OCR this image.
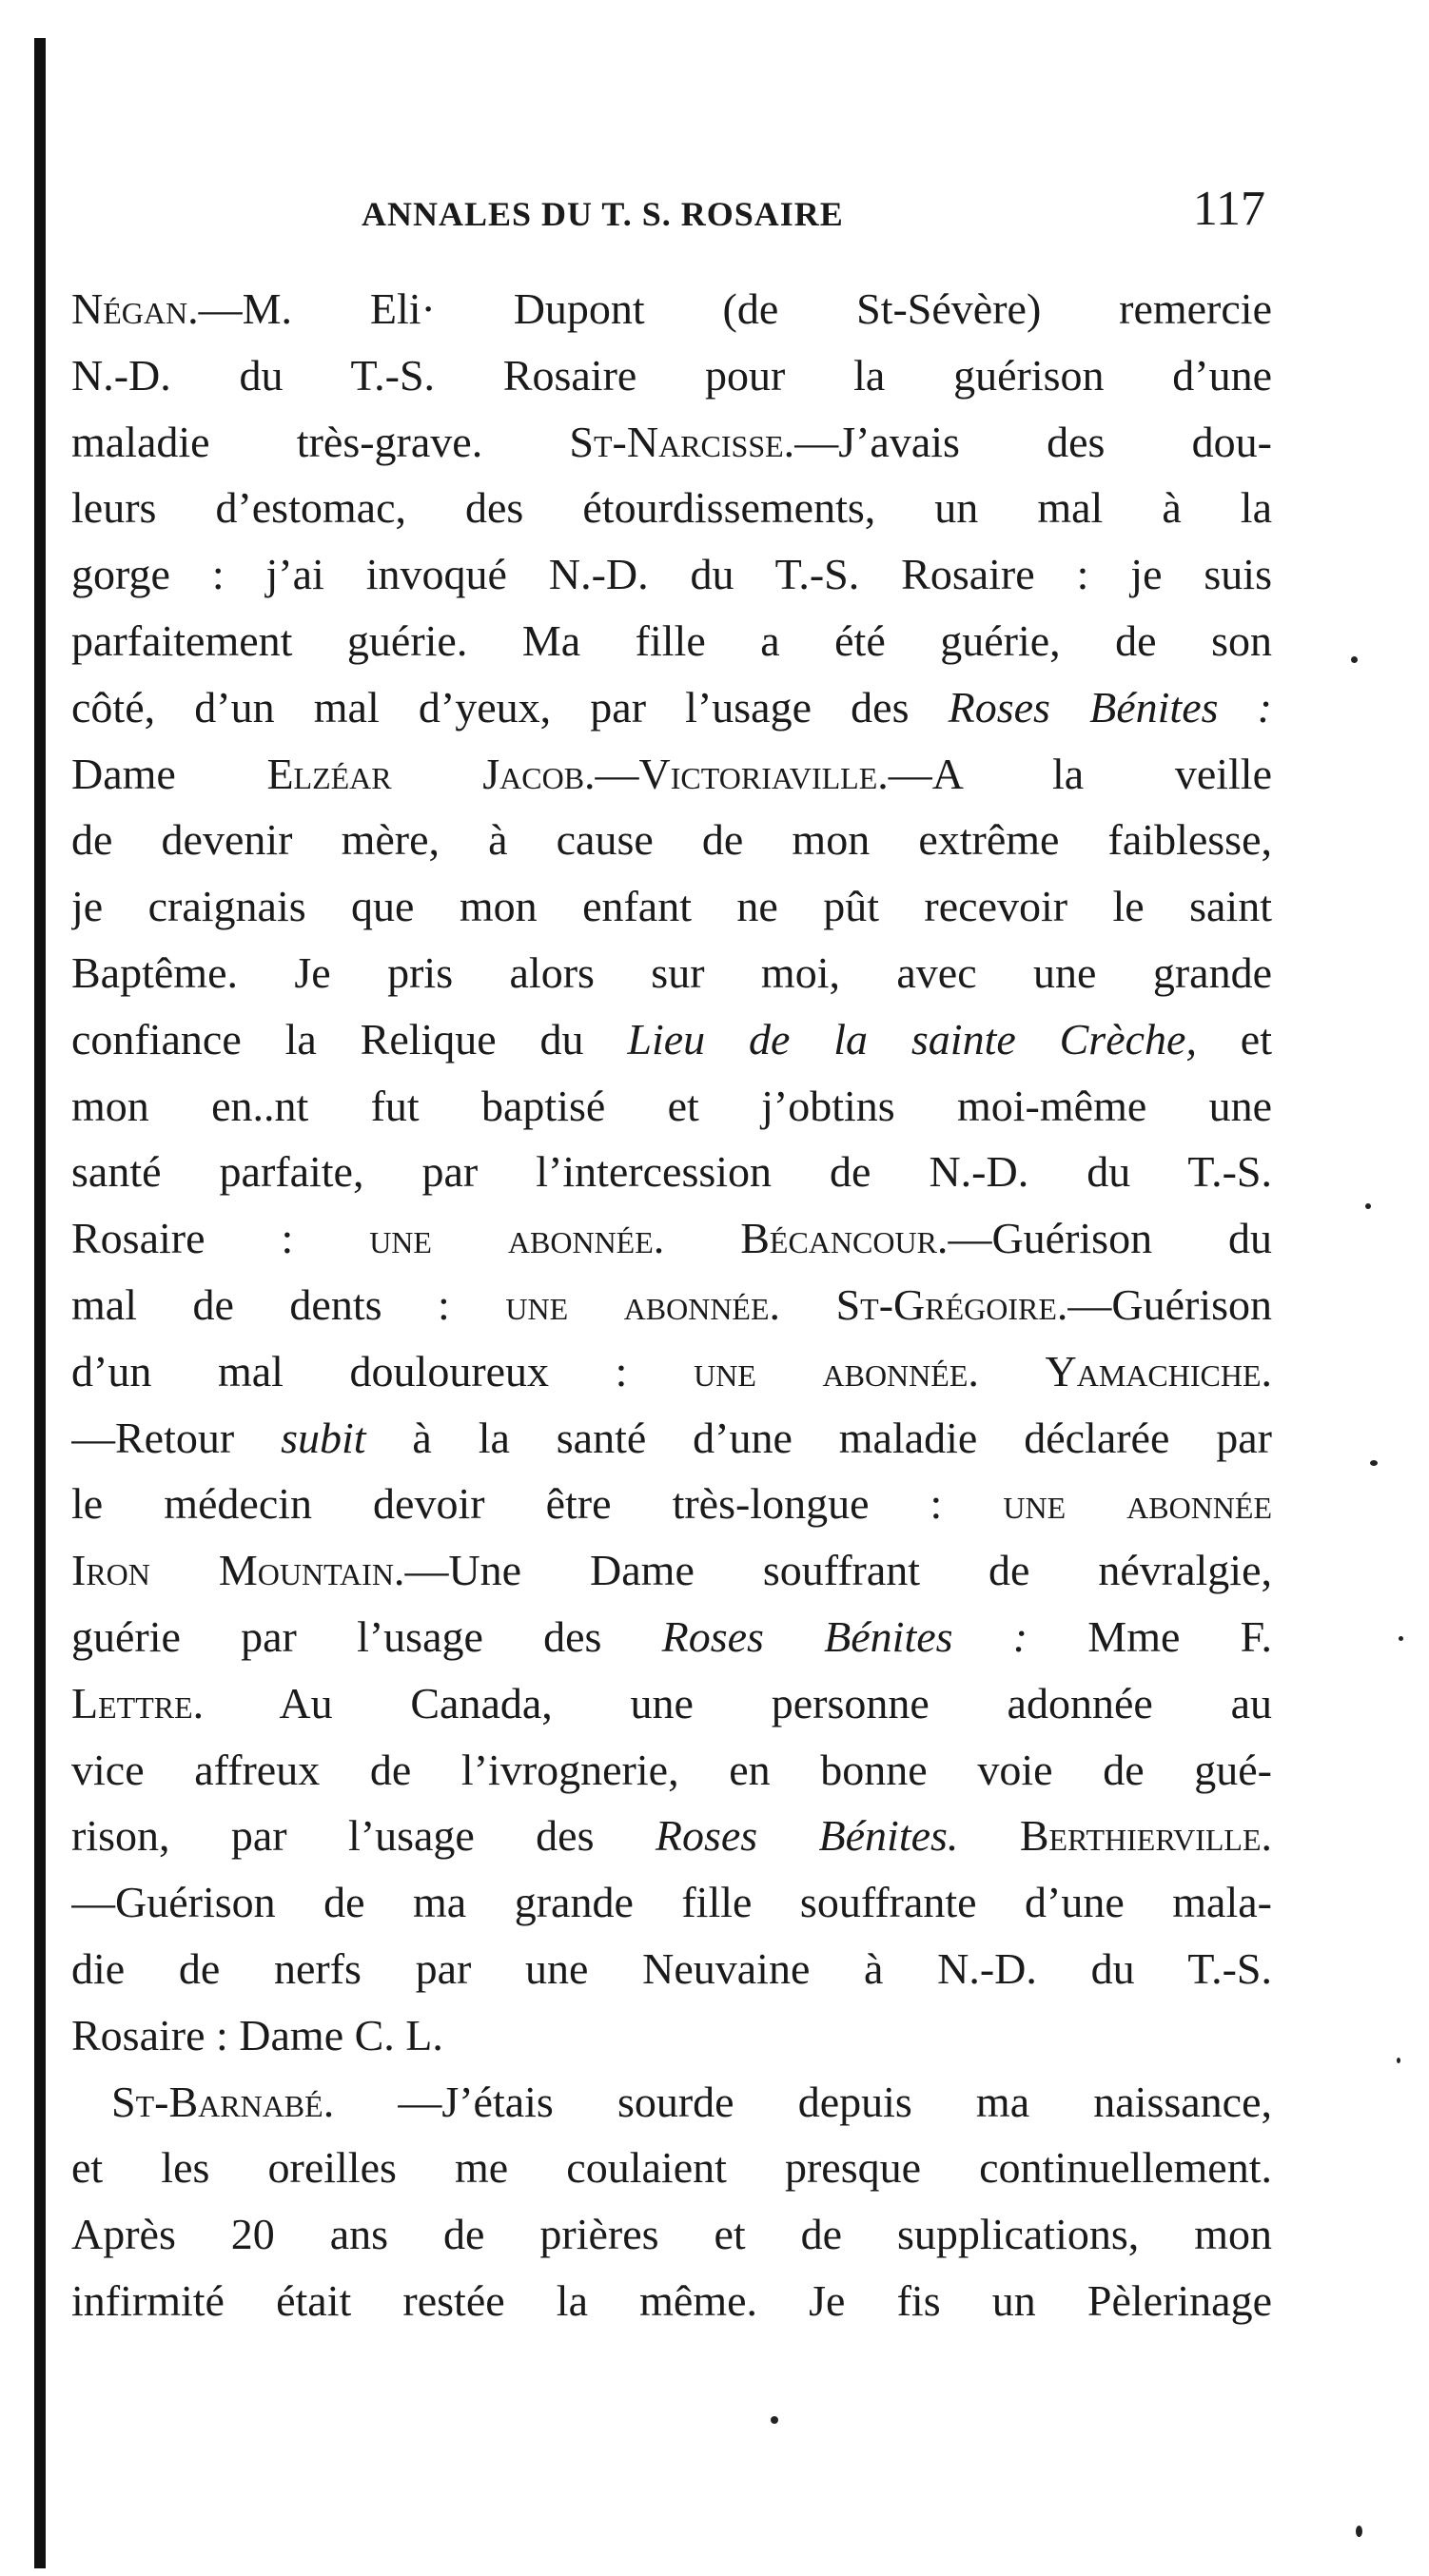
ANNALES DU T. S. ROSAIRE	117
Négan.—M. Eli· Dupont (de St-Sévère) remercie
N.-D. du T.-S. Rosaire pour la guérison d’une
maladie très-grave. St-Narcisse.—J’avais des dou-
leurs d’estomac, des étourdissements, un mal à la
gorge : j’ai invoqué N.-D. du T.-S. Rosaire : je suis
parfaitement guérie. Ma fille a été guérie, de son
côté, d’un mal d’yeux, par l’usage des Roses Bénites :
Dame Elzéar Jacob.—Victoriaville.—A la veille
de devenir mère, à cause de mon extrême faiblesse,
je craignais que mon enfant ne pût recevoir le saint
Baptême. Je pris alors sur moi, avec une grande
confiance la Relique du Lieu de la sainte Crèche, et
mon en..nt fut baptisé et j’obtins moi-même une
santé parfaite, par l’intercession de N.-D. du T.-S.
Rosaire : une abonnée. Bécancour.—Guérison du
mal de dents : une abonnée. St-Grégoire.—Guérison
d’un mal douloureux : une abonnée. Yamachiche.
—Retour subit à la santé d’une maladie déclarée par
le médecin devoir être très-longue : une abonnée
Iron Mountain.—Une Dame souffrant de névralgie,
guérie par l’usage des Roses Bénites : Mme F.
Lettre. Au Canada, une personne adonnée au
vice affreux de l’ivrognerie, en bonne voie de gué-
rison, par l’usage des Roses Bénites. Berthierville.
—Guérison de ma grande fille souffrante d’une mala-
die de nerfs par une Neuvaine à N.-D. du T.-S.
Rosaire : Dame C. L.
St-Barnabé. —J’étais sourde depuis ma naissance,
et les oreilles me coulaient presque continuellement.
Après 20 ans de prières et de supplications, mon
infirmité était restée la même. Je fis un Pèlerinage
